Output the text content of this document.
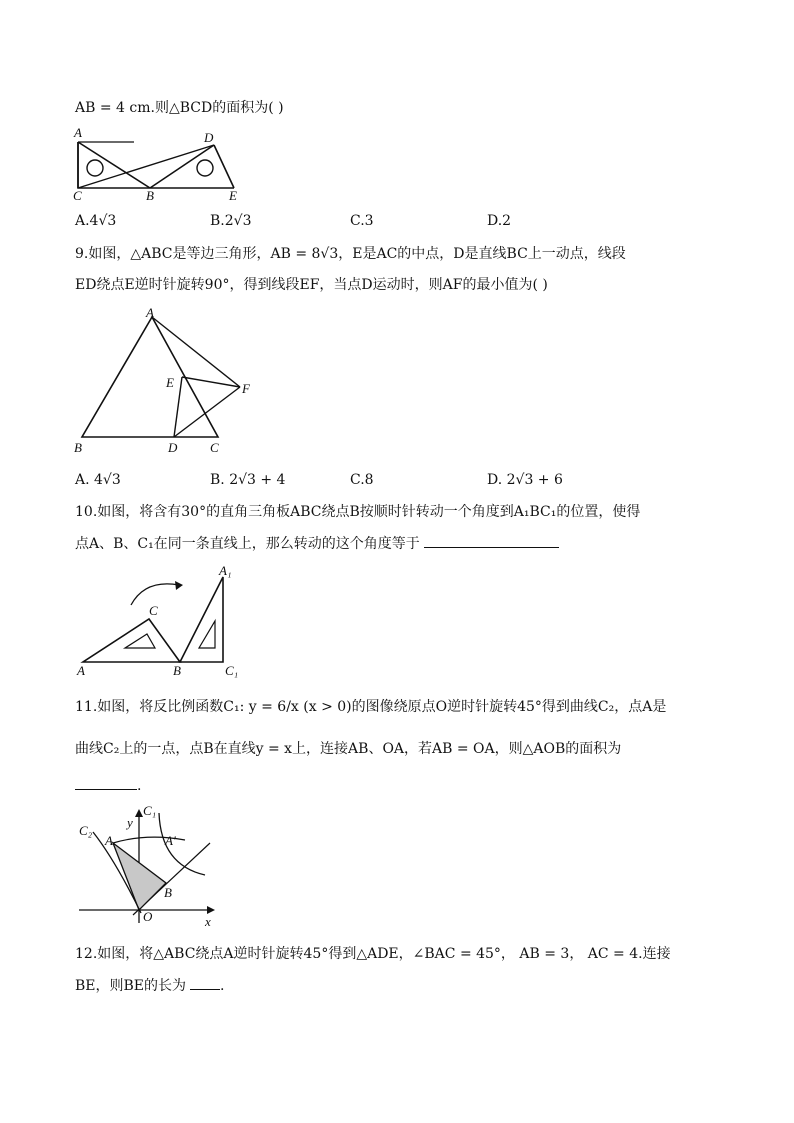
AB = 4 cm.则△BCD的面积为( )
A
C	B
D
E
A.4√3	B.2√3	C.3	D.2
9.如图，△ABC是等边三角形，AB = 8√3，E是AC的中点，D是直线BC上一动点，线段
ED绕点E逆时针旋转90°，得到线段EF，当点D运动时，则AF的最小值为( )
A
E	F
B	D	C
A. 4√3	B. 2√3 + 4	C.8	D. 2√3 + 6
10.如图，将含有30°的直角三角板ABC绕点B按顺时针转动一个角度到A₁BC₁的位置，使得
点A、B、C₁在同一条直线上，那么转动的这个角度等于
A	B
C
A₁
C₁
11.如图，将反比例函数C₁: y = 6/x (x > 0)的图像绕原点O逆时针旋转45°得到曲线C₂，点A是
曲线C₂上的一点，点B在直线y = x上，连接AB、OA，若AB = OA，则△AOB的面积为
.
C₂
C₁
y
x
O
A	A′
B
12.如图，将△ABC绕点A逆时针旋转45°得到△ADE，∠BAC = 45°， AB = 3， AC = 4.连接
BE，则BE的长为 .
